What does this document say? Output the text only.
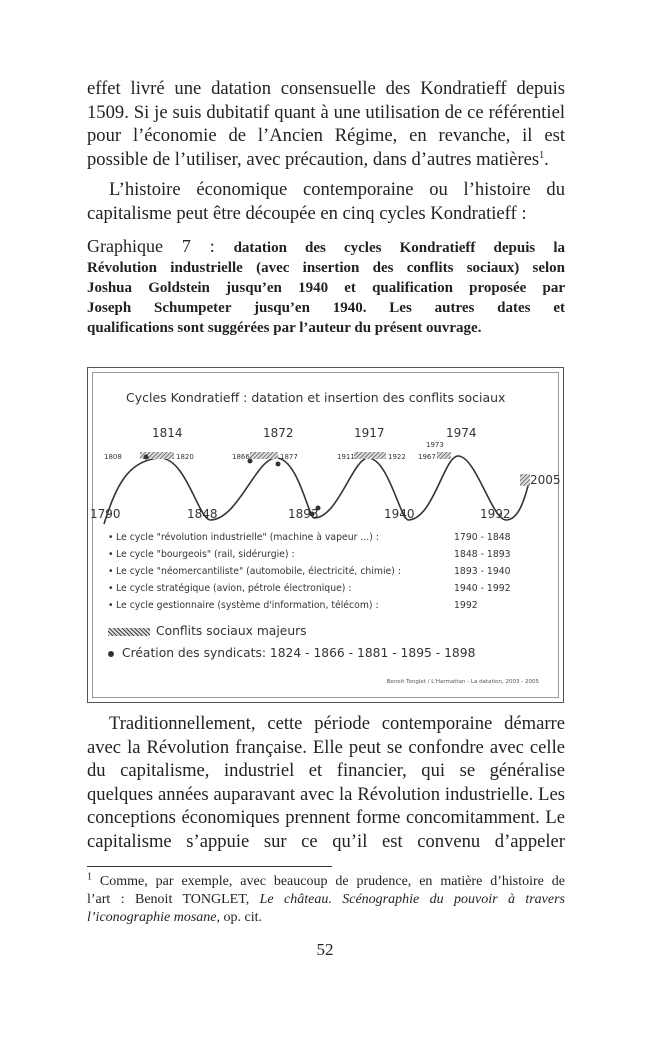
effet livré une datation consensuelle des Kondratieff depuis
1509. Si je suis dubitatif quant à une utilisation de ce référentiel
pour l’économie de l’Ancien Régime, en revanche, il est
possible de l’utiliser, avec précaution, dans d’autres matières$^1$.
L’histoire économique contemporaine ou l’histoire du
capitalisme peut être découpée en cinq cycles Kondratieff :
Graphique 7 : datation des cycles Kondratieff depuis la
Révolution industrielle (avec insertion des conflits sociaux) selon
Joshua Goldstein jusqu’en 1940 et qualification proposée par
Joseph Schumpeter jusqu’en 1940. Les autres dates et
qualifications sont suggérées par l’auteur du présent ouvrage.
Cycles Kondratieff : datation et insertion des conflits sociaux
1814	1872	1917	1974
1808	1820	1866	1877	1911	1922
1973
1967
2005
1790	1848	1893	1940	1992
• Le cycle "révolution industrielle" (machine à vapeur ...) :	1790 - 1848
• Le cycle "bourgeois" (rail, sidérurgie) :	1848 - 1893
• Le cycle "néomercantiliste" (automobile, électricité, chimie) :	1893 - 1940
• Le cycle stratégique (avion, pétrole électronique) :	1940 - 1992
• Le cycle gestionnaire (système d'information, télécom) :	1992
Conflits sociaux majeurs
Création des syndicats: 1824 - 1866 - 1881 - 1895 - 1898
Benoit Tonglet / L'Harmattan - La datation, 2003 - 2005
Traditionnellement, cette période contemporaine démarre
avec la Révolution française. Elle peut se confondre avec celle
du capitalisme, industriel et financier, qui se généralise
quelques années auparavant avec la Révolution industrielle. Les
conceptions économiques prennent forme concomitamment. Le
capitalisme s’appuie sur ce qu’il est convenu d’appeler
$^1$ Comme, par exemple, avec beaucoup de prudence, en matière d’histoire de
l’art : Benoit TONGLET, Le château. Scénographie du pouvoir à travers
l’iconographie mosane, op. cit.
52
